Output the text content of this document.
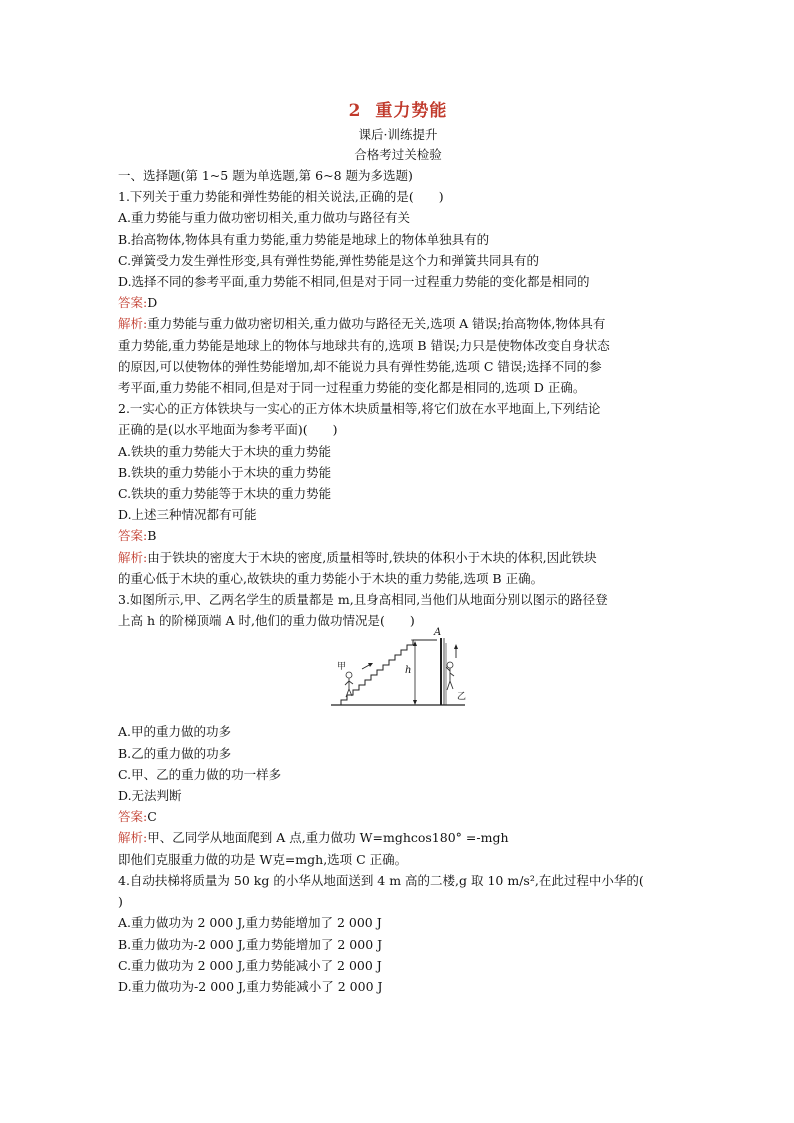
2 重力势能

课后·训练提升

合格考过关检验

一、选择题(第 1~5 题为单选题,第 6~8 题为多选题)

1.下列关于重力势能和弹性势能的相关说法,正确的是(　　)

A.重力势能与重力做功密切相关,重力做功与路径有关

B.抬高物体,物体具有重力势能,重力势能是地球上的物体单独具有的

C.弹簧受力发生弹性形变,具有弹性势能,弹性势能是这个力和弹簧共同具有的

D.选择不同的参考平面,重力势能不相同,但是对于同一过程重力势能的变化都是相同的

答案:D

解析:重力势能与重力做功密切相关,重力做功与路径无关,选项 A 错误;抬高物体,物体具有

重力势能,重力势能是地球上的物体与地球共有的,选项 B 错误;力只是使物体改变自身状态

的原因,可以使物体的弹性势能增加,却不能说力具有弹性势能,选项 C 错误;选择不同的参

考平面,重力势能不相同,但是对于同一过程重力势能的变化都是相同的,选项 D 正确。

2.一实心的正方体铁块与一实心的正方体木块质量相等,将它们放在水平地面上,下列结论

正确的是(以水平地面为参考平面)(　　)

A.铁块的重力势能大于木块的重力势能

B.铁块的重力势能小于木块的重力势能

C.铁块的重力势能等于木块的重力势能

D.上述三种情况都有可能

答案:B

解析:由于铁块的密度大于木块的密度,质量相等时,铁块的体积小于木块的体积,因此铁块

的重心低于木块的重心,故铁块的重力势能小于木块的重力势能,选项 B 正确。

3.如图所示,甲、乙两名学生的质量都是 m,且身高相同,当他们从地面分别以图示的路径登

上高 h 的阶梯顶端 A 时,他们的重力做功情况是(　　)

甲	h
A
乙

A.甲的重力做的功多

B.乙的重力做的功多

C.甲、乙的重力做的功一样多

D.无法判断

答案:C

解析:甲、乙同学从地面爬到 A 点,重力做功 W=mghcos180° =-mgh

即他们克服重力做的功是 W克=mgh,选项 C 正确。

4.自动扶梯将质量为 50 kg 的小华从地面送到 4 m 高的二楼,g 取 10 m/s²,在此过程中小华的(

)

A.重力做功为 2 000 J,重力势能增加了 2 000 J

B.重力做功为-2 000 J,重力势能增加了 2 000 J

C.重力做功为 2 000 J,重力势能减小了 2 000 J

D.重力做功为-2 000 J,重力势能减小了 2 000 J
